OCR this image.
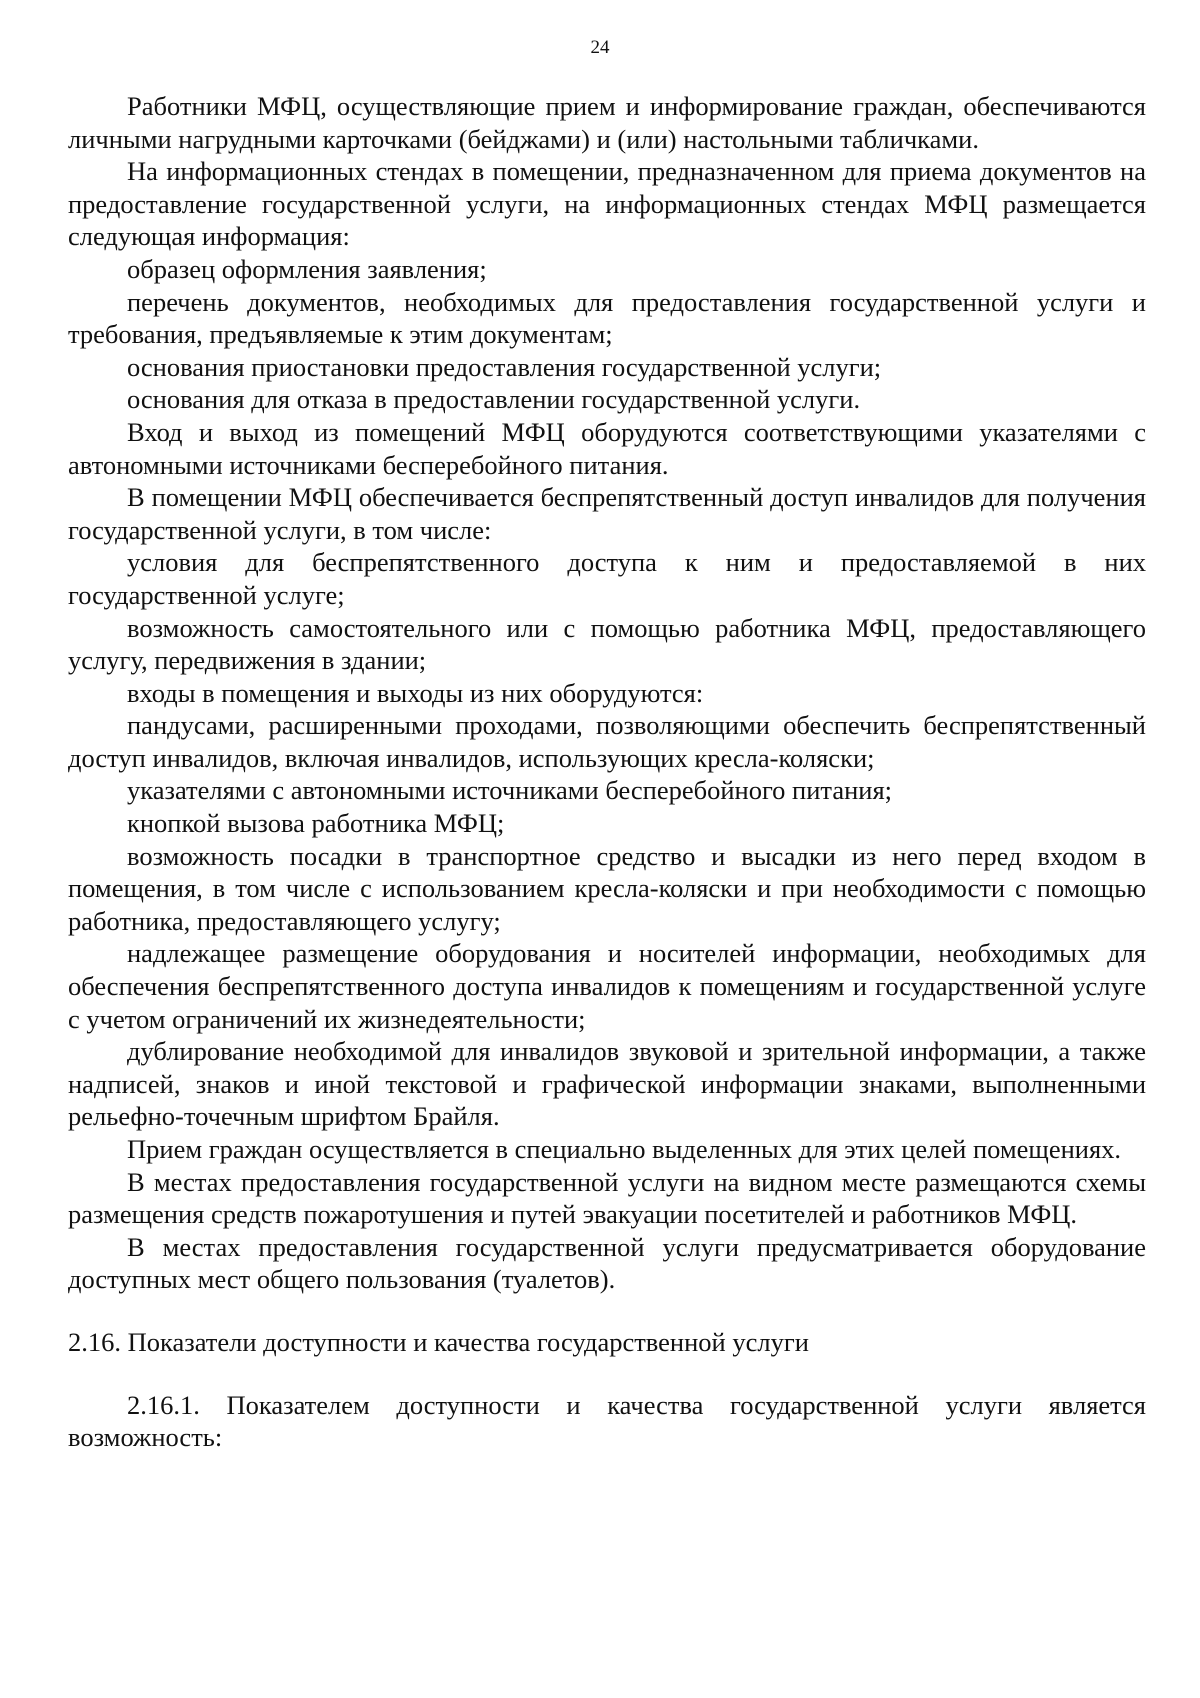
24

Работники МФЦ, осуществляющие прием и информирование граждан, обеспечиваются личными нагрудными карточками (бейджами) и (или) настольными табличками.

На информационных стендах в помещении, предназначенном для приема документов на предоставление государственной услуги, на информационных стендах МФЦ размещается следующая информация:

образец оформления заявления;

перечень документов, необходимых для предоставления государственной услуги и требования, предъявляемые к этим документам;

основания приостановки предоставления государственной услуги;

основания для отказа в предоставлении государственной услуги.

Вход и выход из помещений МФЦ оборудуются соответствующими указателями с автономными источниками бесперебойного питания.

В помещении МФЦ обеспечивается беспрепятственный доступ инвалидов для получения государственной услуги, в том числе:

условия для беспрепятственного доступа к ним и предоставляемой в них государственной услуге;

возможность самостоятельного или с помощью работника МФЦ, предоставляющего услугу, передвижения в здании;

входы в помещения и выходы из них оборудуются:

пандусами, расширенными проходами, позволяющими обеспечить беспрепятственный доступ инвалидов, включая инвалидов, использующих кресла-коляски;

указателями с автономными источниками бесперебойного питания;

кнопкой вызова работника МФЦ;

возможность посадки в транспортное средство и высадки из него перед входом в помещения, в том числе с использованием кресла-коляски и при необходимости с помощью работника, предоставляющего услугу;

надлежащее размещение оборудования и носителей информации, необходимых для обеспечения беспрепятственного доступа инвалидов к помещениям и государственной услуге с учетом ограничений их жизнедеятельности;

дублирование необходимой для инвалидов звуковой и зрительной информации, а также надписей, знаков и иной текстовой и графической информации знаками, выполненными рельефно-точечным шрифтом Брайля.

Прием граждан осуществляется в специально выделенных для этих целей помещениях.

В местах предоставления государственной услуги на видном месте размещаются схемы размещения средств пожаротушения и путей эвакуации посетителей и работников МФЦ.

В местах предоставления государственной услуги предусматривается оборудование доступных мест общего пользования (туалетов).

2.16. Показатели доступности и качества государственной услуги

2.16.1. Показателем доступности и качества государственной услуги является возможность:
